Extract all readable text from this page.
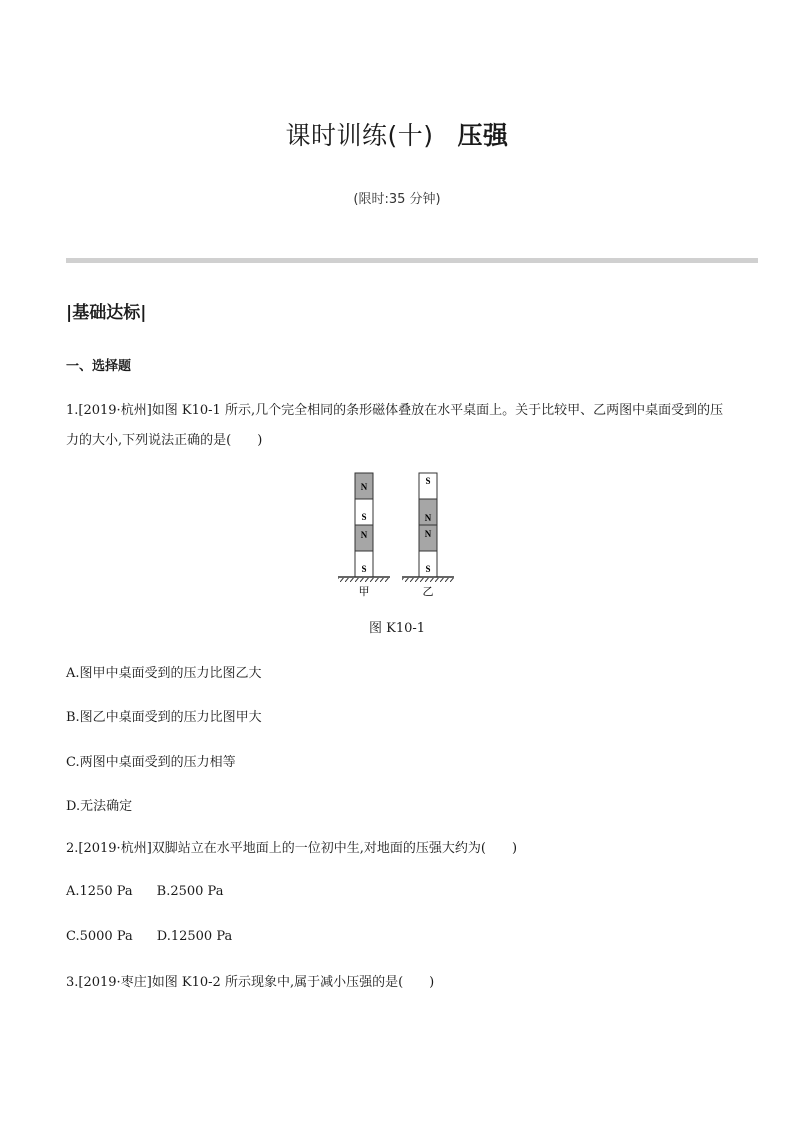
课时训练(十) 压强
(限时:35 分钟)
|基础达标|
一、选择题
1.[2019·杭州]如图 K10-1 所示,几个完全相同的条形磁体叠放在水平桌面上。关于比较甲、乙两图中桌面受到的压力的大小,下列说法正确的是(　　)
N
S
N
S
甲
S
N
N
S
乙
图 K10-1
A.图甲中桌面受到的压力比图乙大
B.图乙中桌面受到的压力比图甲大
C.两图中桌面受到的压力相等
D.无法确定
2.[2019·杭州]双脚站立在水平地面上的一位初中生,对地面的压强大约为(　　)
A.1250 Pa B.2500 Pa
C.5000 Pa D.12500 Pa
3.[2019·枣庄]如图 K10-2 所示现象中,属于减小压强的是(　　)
